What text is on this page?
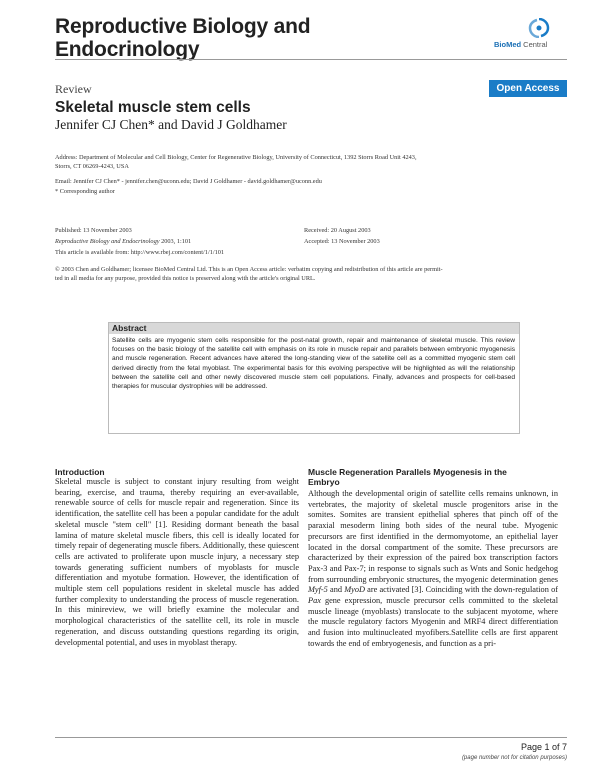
Reproductive Biology and
Endocrinology	BioMed Central
Review	Open Access
Skeletal muscle stem cells
Jennifer CJ Chen* and David J Goldhamer
Address: Department of Molecular and Cell Biology, Center for Regenerative Biology, University of Connecticut, 1392 Storrs Road Unit 4243,
Storrs, CT 06269-4243, USA
Email: Jennifer CJ Chen* - jennifer.chen@uconn.edu; David J Goldhamer - david.goldhamer@uconn.edu
* Corresponding author
Published: 13 November 2003
Reproductive Biology and Endocrinology 2003, 1:101
This article is available from: http://www.rbej.com/content/1/1/101
Received: 20 August 2003
Accepted: 13 November 2003
© 2003 Chen and Goldhamer; licensee BioMed Central Ltd. This is an Open Access article: verbatim copying and redistribution of this article are permit-
ted in all media for any purpose, provided this notice is preserved along with the article's original URL.
Abstract
Satellite cells are myogenic stem cells responsible for the post-natal growth, repair and maintenance of skeletal muscle. This review focuses on the basic biology of the satellite cell with emphasis on its role in muscle repair and parallels between embryonic myogenesis and muscle regeneration. Recent advances have altered the long-standing view of the satellite cell as a committed myogenic stem cell derived directly from the fetal myoblast. The experimental basis for this evolving perspective will be highlighted as will the relationship between the satellite cell and other newly discovered muscle stem cell populations. Finally, advances and prospects for cell-based therapies for muscular dystrophies will be addressed.
Introduction

Skeletal muscle is subject to constant injury resulting from weight bearing, exercise, and trauma, thereby requiring an ever-available, renewable source of cells for muscle repair and regeneration. Since its identification, the satellite cell has been a popular candidate for the adult skeletal muscle "stem cell" [1]. Residing dormant beneath the basal lamina of mature skeletal muscle fibers, this cell is ideally located for timely repair of degenerating muscle fibers. Additionally, these quiescent cells are activated to proliferate upon muscle injury, a necessary step towards generating sufficient numbers of myoblasts for muscle differentiation and myotube formation. However, the identification of multiple stem cell populations resident in skeletal muscle has added further complexity to understanding the process of muscle regeneration. In this minireview, we will briefly examine the molecular and morphological characteristics of the satellite cell, its role in muscle regeneration, and discuss outstanding questions regarding its origin, developmental potential, and uses in myoblast therapy.

Muscle Regeneration Parallels Myogenesis in the
Embryo

Although the developmental origin of satellite cells remains unknown, in vertebrates, the majority of skeletal muscle progenitors arise in the somites. Somites are transient epithelial spheres that pinch off of the paraxial mesoderm lining both sides of the neural tube. Myogenic precursors are first identified in the dermomyotome, an epithelial layer located in the dorsal compartment of the somite. These precursors are characterized by their expression of the paired box transcription factors Pax-3 and Pax-7; in response to signals such as Wnts and Sonic hedgehog from surrounding embryonic structures, the myogenic determination genes Myf-5 and MyoD are activated [3]. Coinciding with the down-regulation of Pax gene expression, muscle precursor cells committed to the skeletal muscle lineage (myoblasts) translocate to the subjacent myotome, where the muscle regulatory factors Myogenin and MRF4 direct differentiation and fusion into multinucleated myofibers.Satellite cells are first apparent towards the end of embryogenesis, and function as a pri-

Page 1 of 7
(page number not for citation purposes)
